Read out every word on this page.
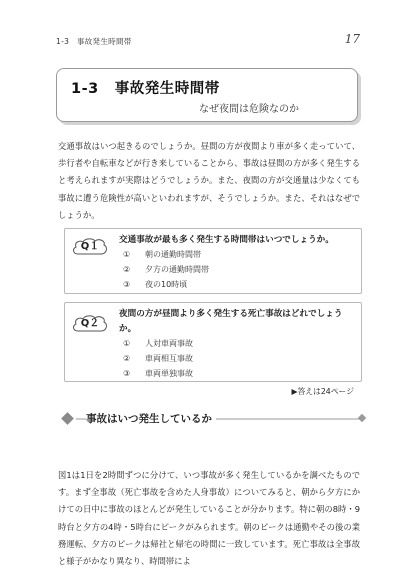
1-3　事故発生時間帯	17
1-3 事故発生時間帯
なぜ夜間は危険なのか

交通事故はいつ起きるのでしょうか。昼間の方が夜間より車が多く走っていて、歩行者や自転車などが行き来していることから、事故は昼間の方が多く発生すると考えられますが実際はどうでしょうか。また、夜間の方が交通量は少なくても事故に遭う危険性が高いといわれますが、そうでしょうか。また、それはなぜでしょうか。

Q１
交通事故が最も多く発生する時間帯はいつでしょうか。
① 朝の通勤時間帯
② 夕方の通勤時間帯
③ 夜の10時頃
Q２
夜間の方が昼間より多く発生する死亡事故はどれでしょうか。
① 人対車両事故
② 車両相互事故
③ 車両単独事故
▶答えは24ページ
事故はいつ発生しているか

図1は1日を2時間ずつに分けて、いつ事故が多く発生しているかを調べたものです。まず全事故（死亡事故を含めた人身事故）についてみると、朝から夕方にかけての日中に事故のほとんどが発生していることが分かります。特に朝の8時・9時台と夕方の4時・5時台にピークがみられます。朝のピークは通勤やその後の業務運転、夕方のピークは帰社と帰宅の時間に一致しています。死亡事故は全事故と様子がかなり異なり、時間帯によ
